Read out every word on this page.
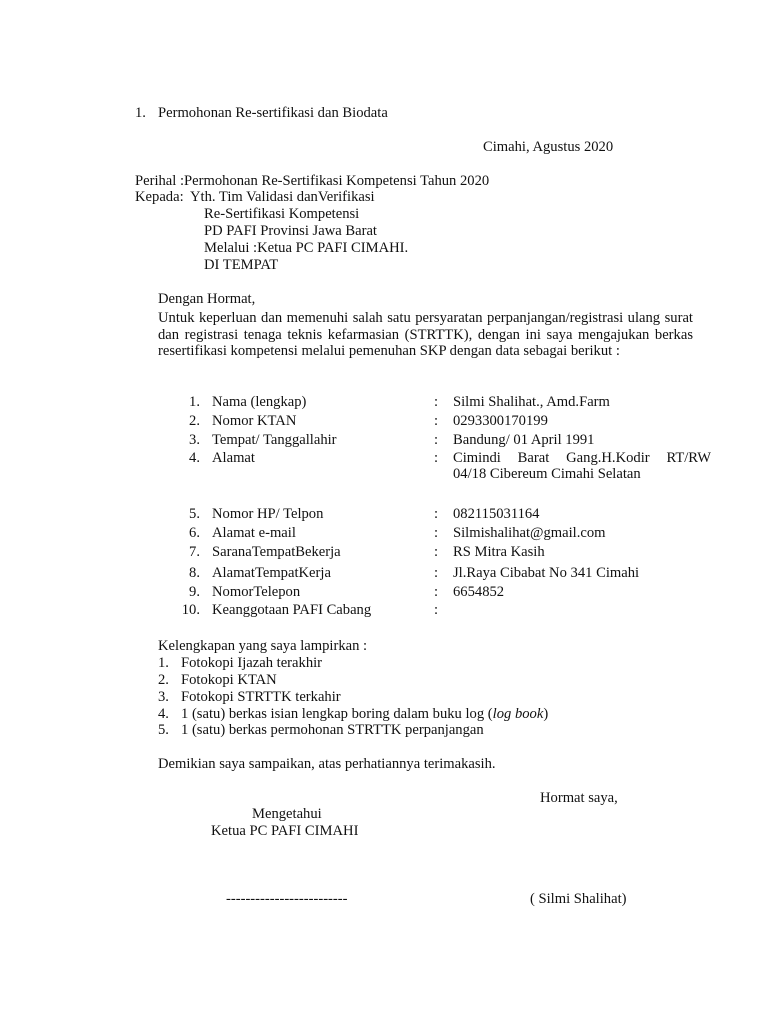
1. Permohonan Re-sertifikasi dan Biodata
Cimahi, Agustus 2020
Perihal :Permohonan Re-Sertifikasi Kompetensi Tahun 2020
Kepada: Yth. Tim Validasi danVerifikasi
Re-Sertifikasi Kompetensi
PD PAFI Provinsi Jawa Barat
Melalui :Ketua PC PAFI CIMAHI.
DI TEMPAT
Dengan Hormat,
Untuk keperluan dan memenuhi salah satu persyaratan perpanjangan/registrasi ulang surat dan registrasi tenaga teknis kefarmasian (STRTTK), dengan ini saya mengajukan berkas resertifikasi kompetensi melalui pemenuhan SKP dengan data sebagai berikut :
1. Nama (lengkap)	: Silmi Shalihat., Amd.Farm
2. Nomor KTAN	: 0293300170199
3. Tempat/ Tanggallahir	: Bandung/ 01 April 1991
4. Alamat	: Cimindi Barat Gang.H.Kodir RT/RW
04/18 Cibereum Cimahi Selatan
5. Nomor HP/ Telpon	: 082115031164
6. Alamat e-mail	: Silmishalihat@gmail.com
7. SaranaTempatBekerja	: RS Mitra Kasih
8. AlamatTempatKerja	: Jl.Raya Cibabat No 341 Cimahi
9. NomorTelepon	: 6654852
10. Keanggotaan PAFI Cabang	:
Kelengkapan yang saya lampirkan :
1. Fotokopi Ijazah terakhir
2. Fotokopi KTAN
3. Fotokopi STRTTK terkahir
4. 1 (satu) berkas isian lengkap boring dalam buku log (log book)
5. 1 (satu) berkas permohonan STRTTK perpanjangan
Demikian saya sampaikan, atas perhatiannya terimakasih.
Hormat saya,
Mengetahui
Ketua PC PAFI CIMAHI
-------------------------	( Silmi Shalihat)
